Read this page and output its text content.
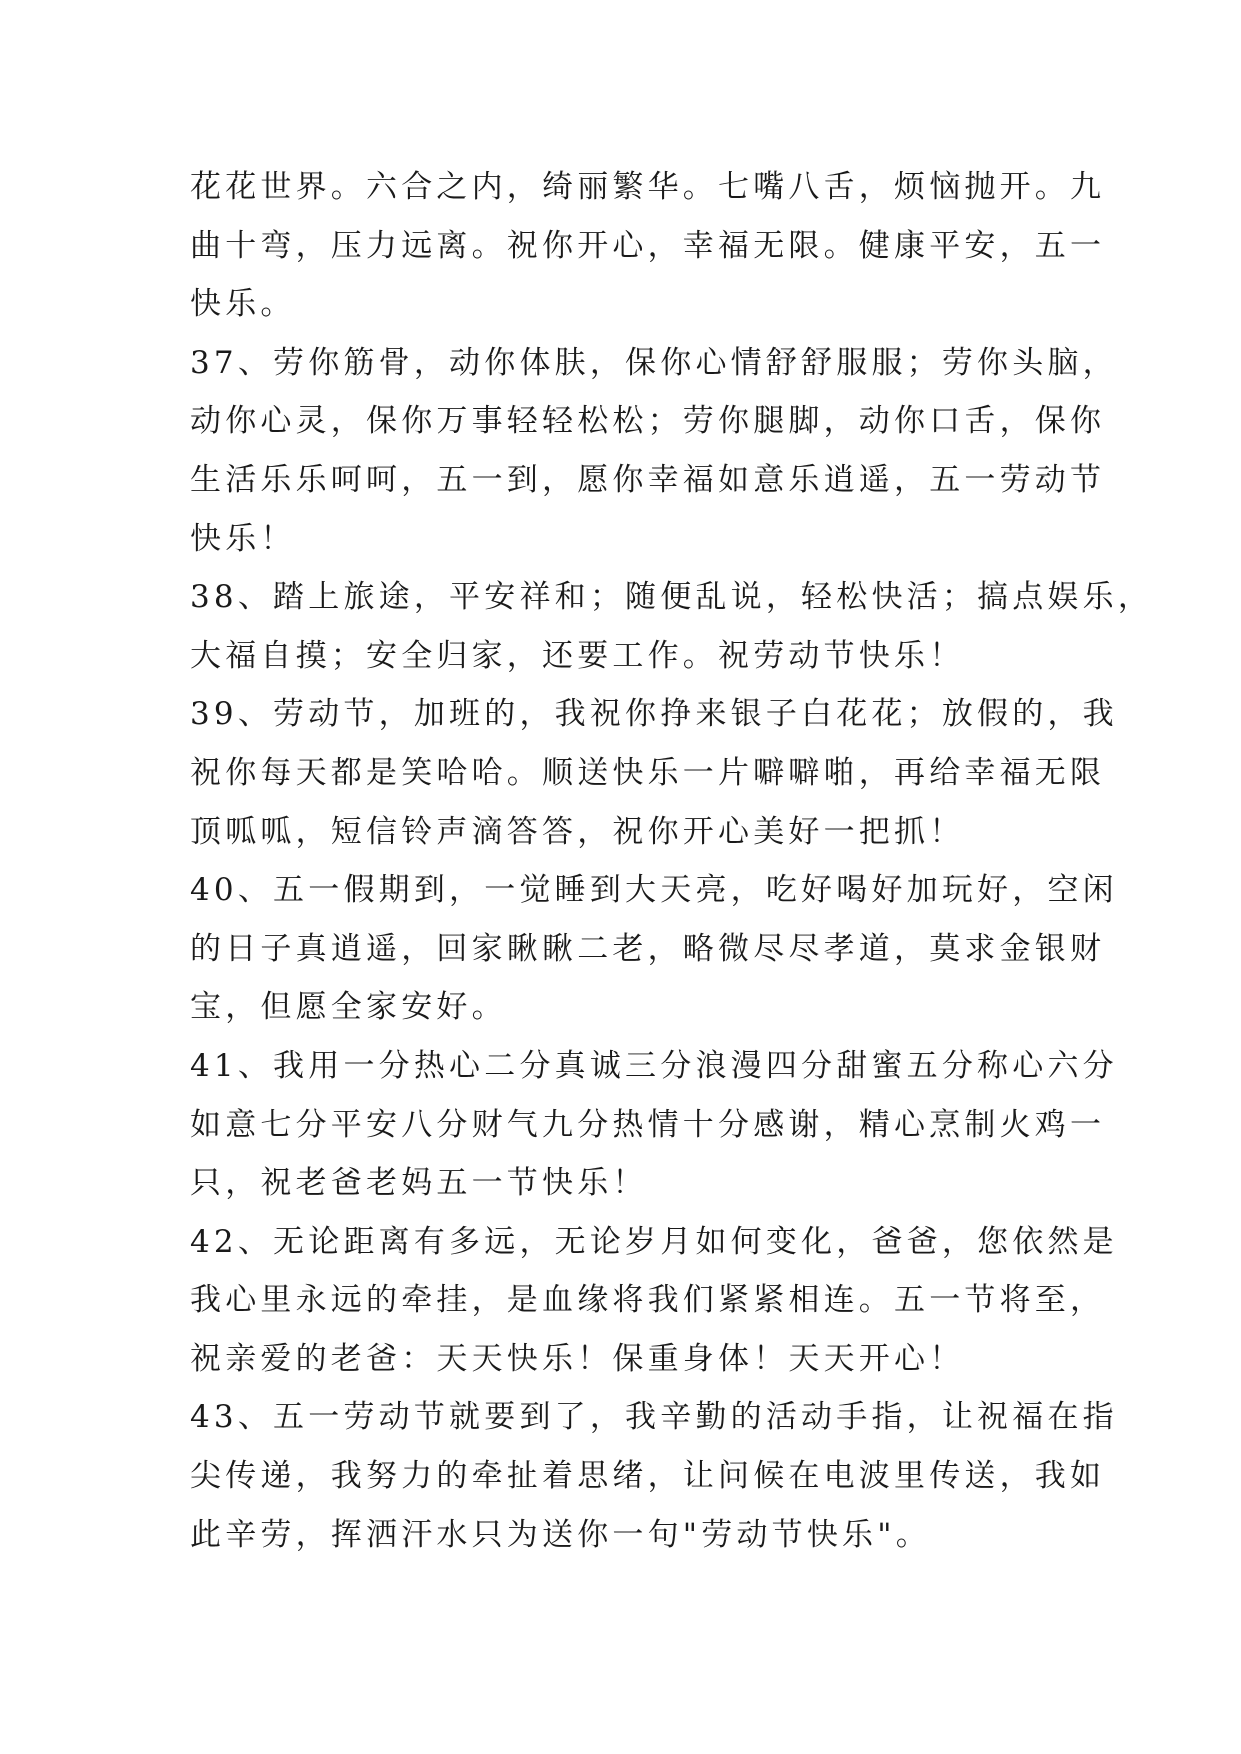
花花世界。六合之内，绮丽繁华。七嘴八舌，烦恼抛开。九
曲十弯，压力远离。祝你开心，幸福无限。健康平安，五一
快乐。
37、劳你筋骨，动你体肤，保你心情舒舒服服；劳你头脑，
动你心灵，保你万事轻轻松松；劳你腿脚，动你口舌，保你
生活乐乐呵呵，五一到，愿你幸福如意乐逍遥，五一劳动节
快乐！
38、踏上旅途，平安祥和；随便乱说，轻松快活；搞点娱乐，
大福自摸；安全归家，还要工作。祝劳动节快乐！
39、劳动节，加班的，我祝你挣来银子白花花；放假的，我
祝你每天都是笑哈哈。顺送快乐一片噼噼啪，再给幸福无限
顶呱呱，短信铃声滴答答，祝你开心美好一把抓！
40、五一假期到，一觉睡到大天亮，吃好喝好加玩好，空闲
的日子真逍遥，回家瞅瞅二老，略微尽尽孝道，莫求金银财
宝，但愿全家安好。
41、我用一分热心二分真诚三分浪漫四分甜蜜五分称心六分
如意七分平安八分财气九分热情十分感谢，精心烹制火鸡一
只，祝老爸老妈五一节快乐！
42、无论距离有多远，无论岁月如何变化，爸爸，您依然是
我心里永远的牵挂，是血缘将我们紧紧相连。五一节将至，
祝亲爱的老爸：天天快乐！保重身体！天天开心！
43、五一劳动节就要到了，我辛勤的活动手指，让祝福在指
尖传递，我努力的牵扯着思绪，让问候在电波里传送，我如
此辛劳，挥洒汗水只为送你一句"劳动节快乐"。
